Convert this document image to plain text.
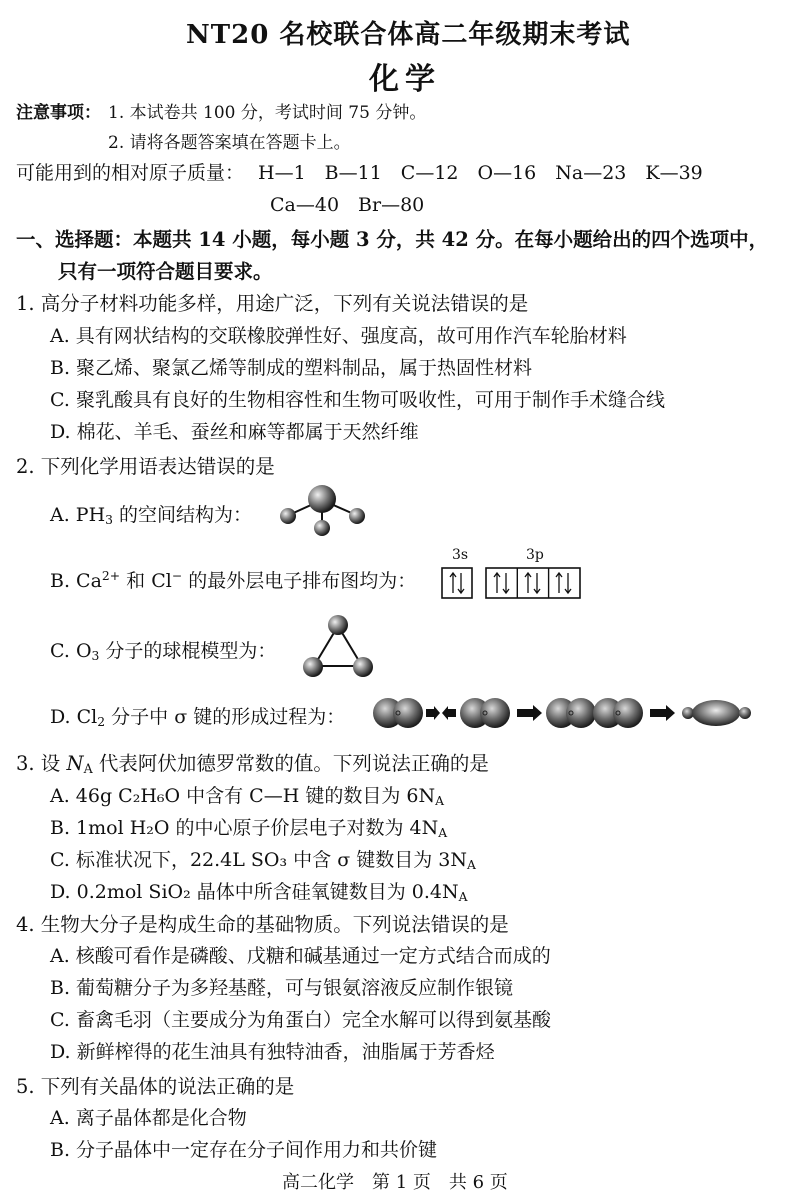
NT20 名校联合体高二年级期末考试
化学
注意事项： 1. 本试卷共 100 分，考试时间 75 分钟。
2. 请将各题答案填在答题卡上。
可能用到的相对原子质量： H—1　B—11　C—12　O—16　Na—23　K—39
Ca—40　Br—80
一、选择题：本题共 14 小题，每小题 3 分，共 42 分。在每小题给出的四个选项中，
只有一项符合题目要求。
1. 高分子材料功能多样，用途广泛，下列有关说法错误的是
A. 具有网状结构的交联橡胶弹性好、强度高，故可用作汽车轮胎材料
B. 聚乙烯、聚氯乙烯等制成的塑料制品，属于热固性材料
C. 聚乳酸具有良好的生物相容性和生物可吸收性，可用于制作手术缝合线
D. 棉花、羊毛、蚕丝和麻等都属于天然纤维
2. 下列化学用语表达错误的是
A. $PH_3$ 的空间结构为：
B. $Ca^{2+}$ 和 Cl− 的最外层电子排布图均为：
3s	3p
C. $O_3$ 分子的球棍模型为：
D. $Cl_2$ 分子中 σ 键的形成过程为：
3. 设 $N_A$ 代表阿伏加德罗常数的值。下列说法正确的是
A. 46g C₂H₆O 中含有 C—H 键的数目为 $6N_A$
B. 1mol H₂O 的中心原子价层电子对数为 $4N_A$
C. 标准状况下，22.4L SO₃ 中含 σ 键数目为 $3N_A$
D. 0.2mol SiO₂ 晶体中所含硅氧键数目为 $0.4N_A$
4. 生物大分子是构成生命的基础物质。下列说法错误的是
A. 核酸可看作是磷酸、戊糖和碱基通过一定方式结合而成的
B. 葡萄糖分子为多羟基醛，可与银氨溶液反应制作银镜
C. 畜禽毛羽（主要成分为角蛋白）完全水解可以得到氨基酸
D. 新鲜榨得的花生油具有独特油香，油脂属于芳香烃
5. 下列有关晶体的说法正确的是
A. 离子晶体都是化合物
B. 分子晶体中一定存在分子间作用力和共价键
高二化学　第 1 页　共 6 页
